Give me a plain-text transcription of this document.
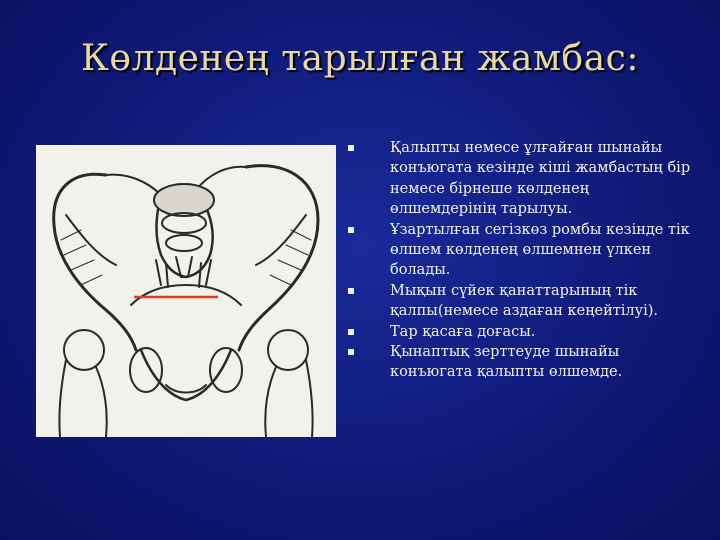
Көлденең тарылған жамбас:
Қалыпты немесе ұлғайған шынайы конъюгата кезінде кіші жамбастың бір немесе бірнеше көлденең өлшемдерінің тарылуы.
Ұзартылған сегізкөз ромбы кезінде тік өлшем көлденең өлшемнен үлкен болады.
Мықын сүйек қанаттарының тік қалпы(немесе аздаған кеңейтілуі).
Тар қасаға доғасы.
Қынаптық зерттеуде шынайы конъюгата қалыпты өлшемде.
